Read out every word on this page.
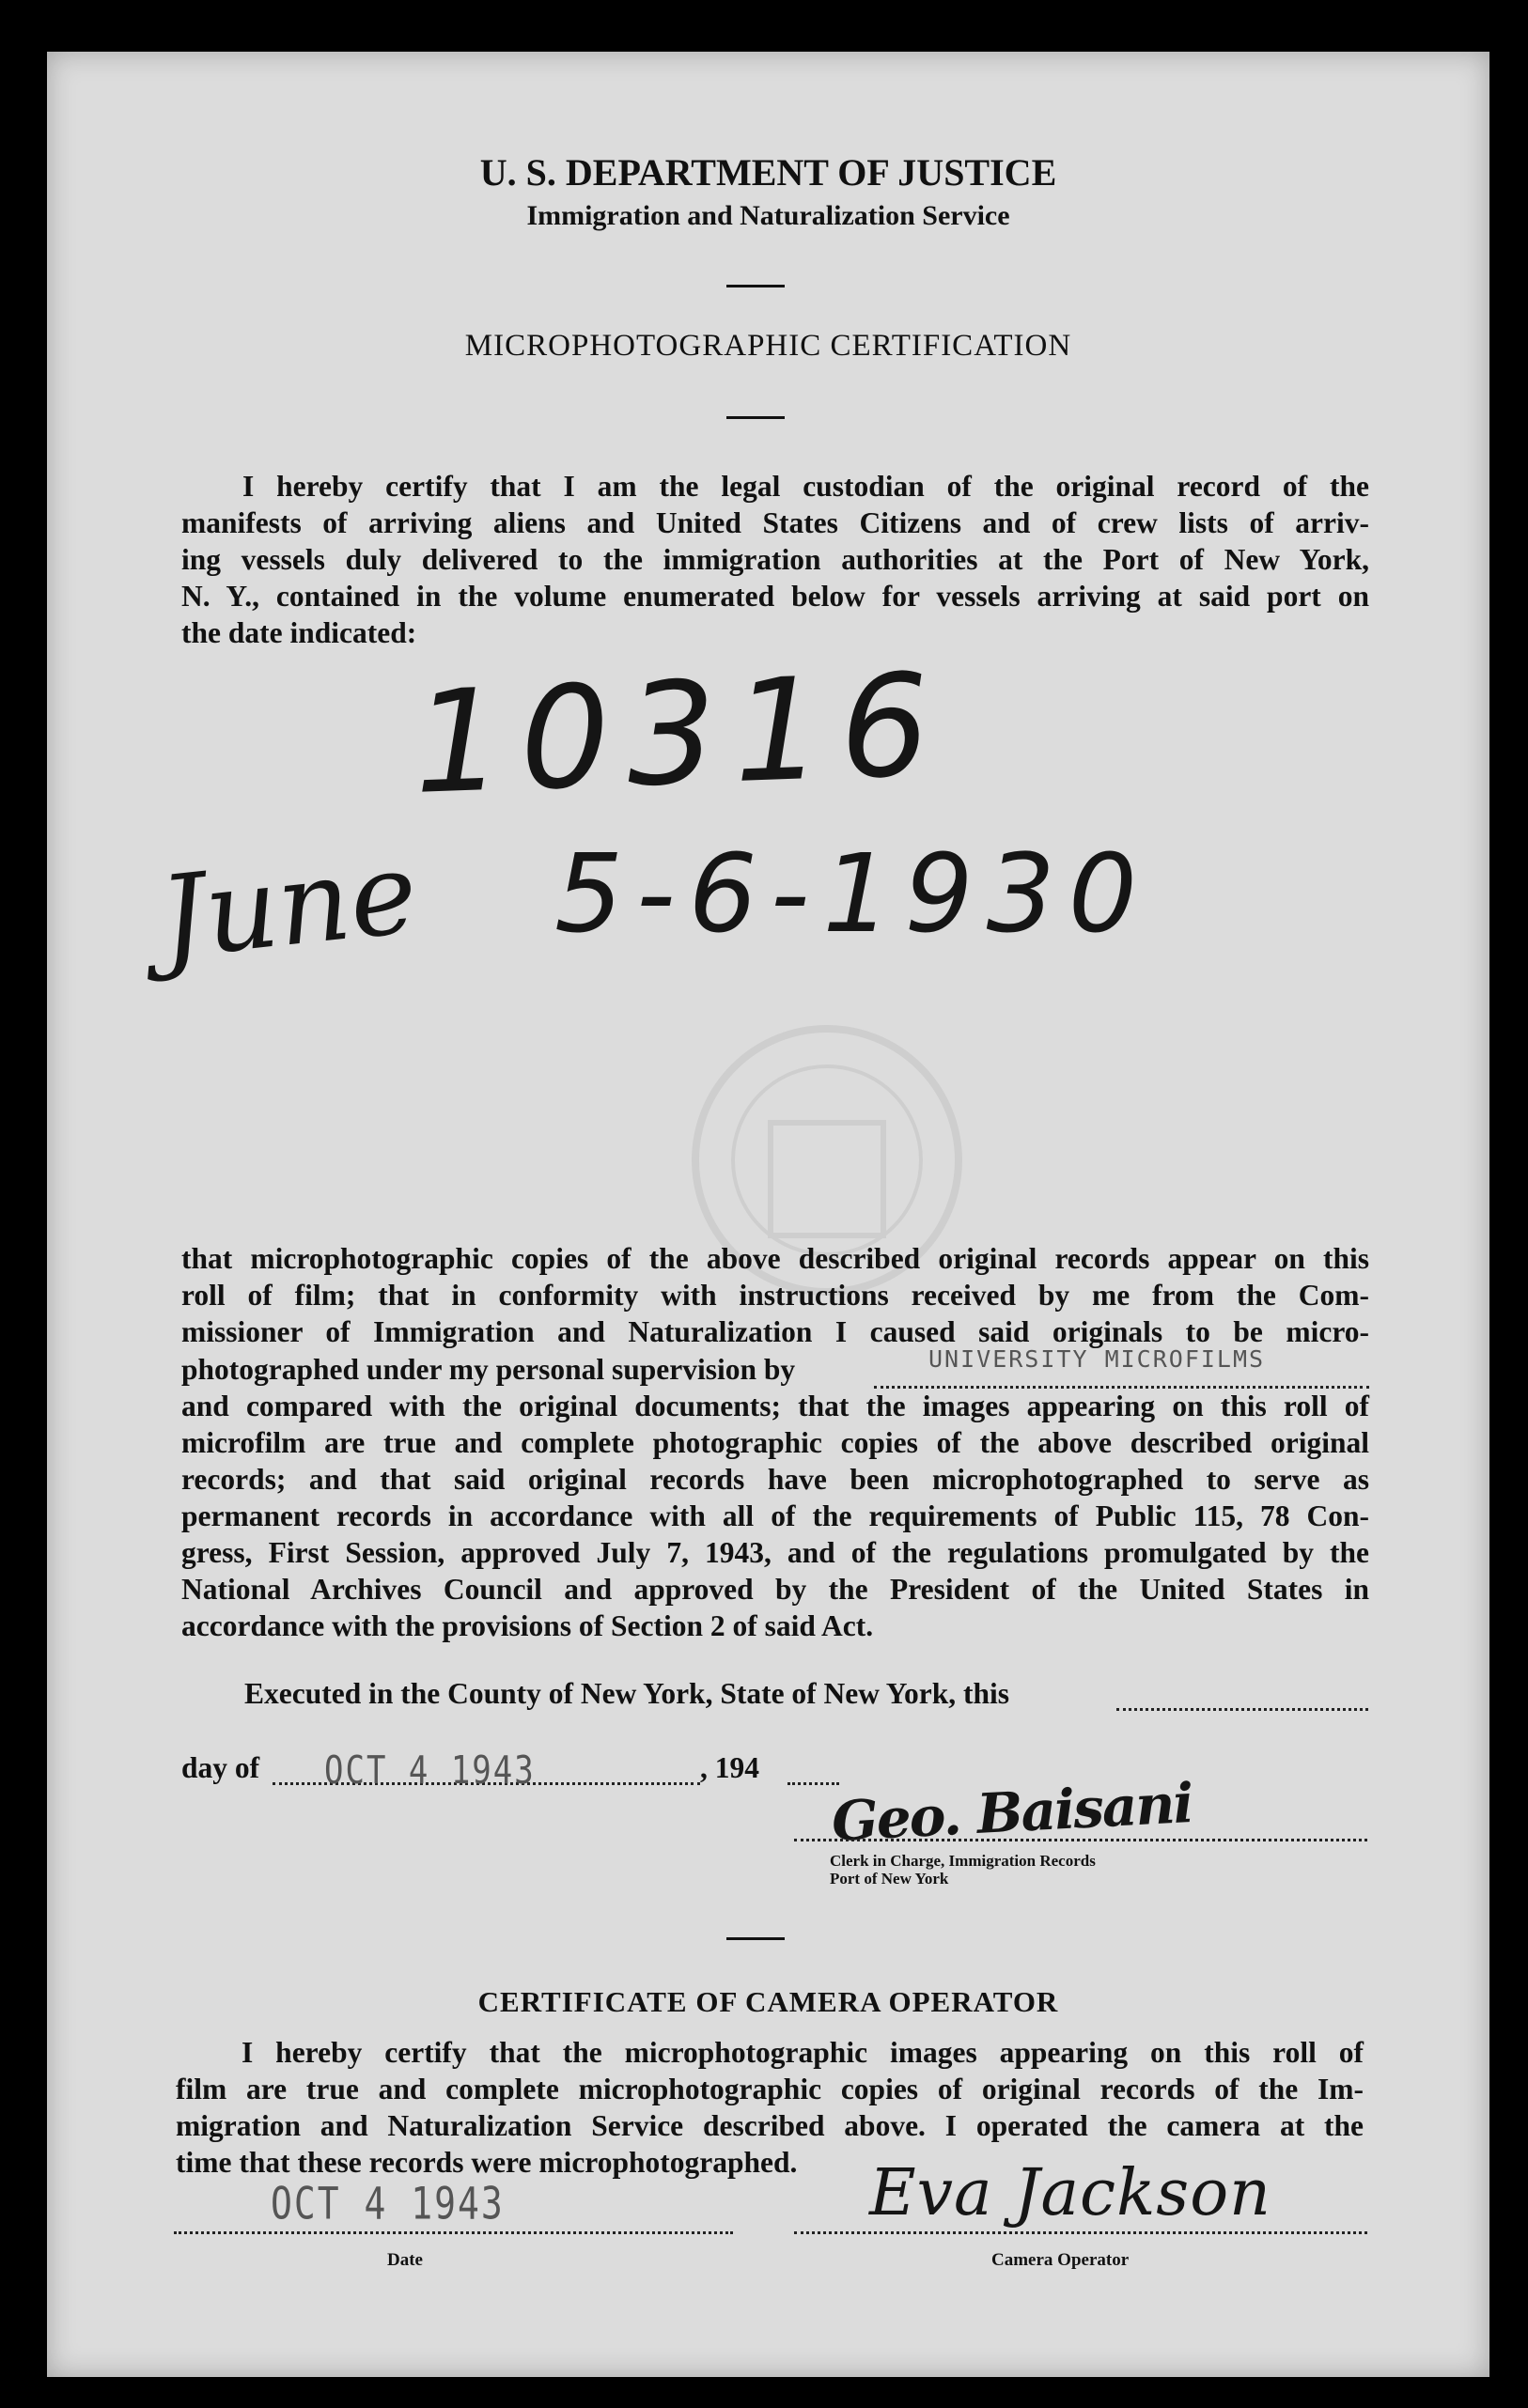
U. S. DEPARTMENT OF JUSTICE
Immigration and Naturalization Service
MICROPHOTOGRAPHIC CERTIFICATION
I hereby certify that I am the legal custodian of the original record of the
manifests of arriving aliens and United States Citizens and of crew lists of arriv-
ing vessels duly delivered to the immigration authorities at the Port of New York,
N. Y., contained in the volume enumerated below for vessels arriving at said port on
the date indicated:
10316
June 5-6-1930
that microphotographic copies of the above described original records appear on this
roll of film; that in conformity with instructions received by me from the Com-
missioner of Immigration and Naturalization I caused said originals to be micro-
photographed under my personal supervision by	UNIVERSITY MICROFILMS
and compared with the original documents; that the images appearing on this roll of
microfilm are true and complete photographic copies of the above described original
records; and that said original records have been microphotographed to serve as
permanent records in accordance with all of the requirements of Public 115, 78 Con-
gress, First Session, approved July 7, 1943, and of the regulations promulgated by the
National Archives Council and approved by the President of the United States in
accordance with the provisions of Section 2 of said Act.
Executed in the County of New York, State of New York, this
day of OCT 4 1943	, 194
Geo. Baisani
Clerk in Charge, Immigration Records
Port of New York
CERTIFICATE OF CAMERA OPERATOR
I hereby certify that the microphotographic images appearing on this roll of
film are true and complete microphotographic copies of original records of the Im-
migration and Naturalization Service described above. I operated the camera at the
time that these records were microphotographed.
OCT 4 1943
Date
Eva Jackson
Camera Operator
